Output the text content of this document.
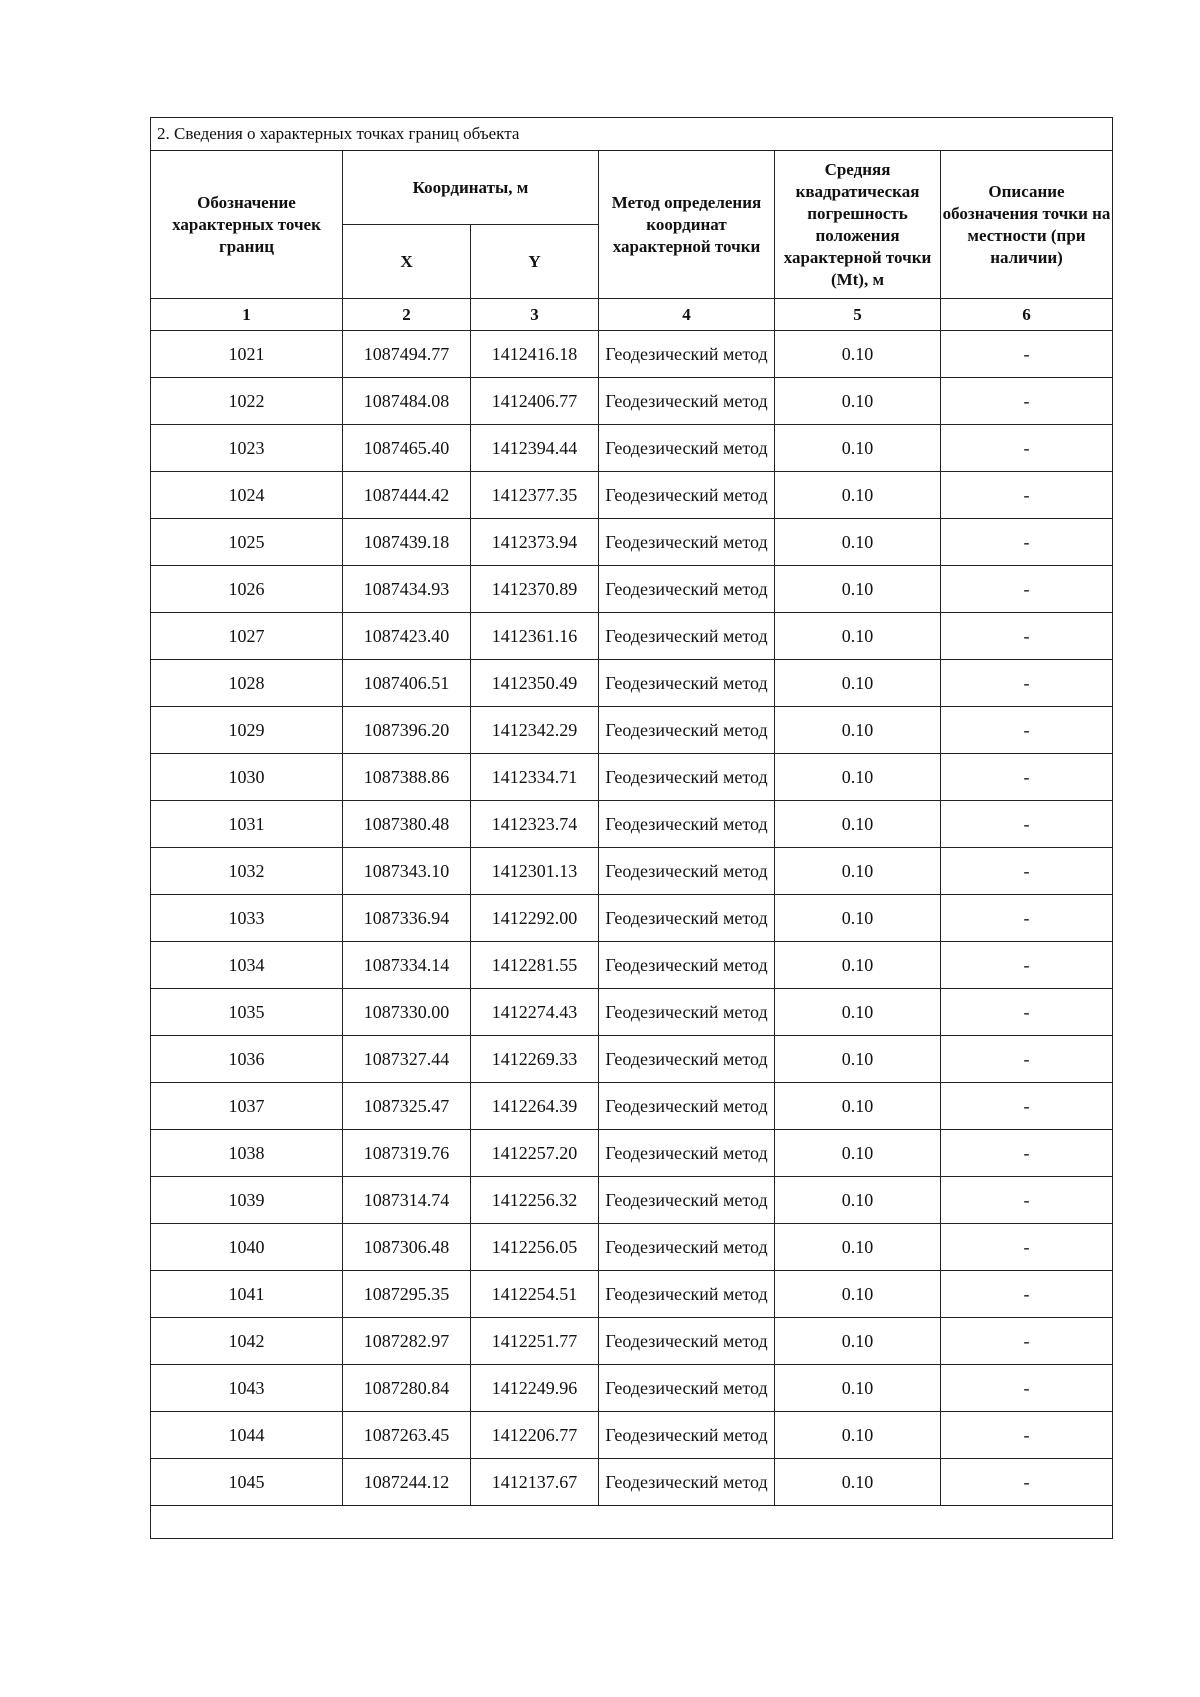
2. Сведения о характерных точках границ объекта					
Обозначение характерных точек границ	Координаты, м		Метод определения координат характерной точки	Средняя квадратическая погрешность положения характерной точки (Mt), м	Описание обозначения точки на местности (при наличии)
	X	Y			
1	2	3	4	5	6
1021	1087494.77	1412416.18	Геодезический метод	0.10	-
1022	1087484.08	1412406.77	Геодезический метод	0.10	-
1023	1087465.40	1412394.44	Геодезический метод	0.10	-
1024	1087444.42	1412377.35	Геодезический метод	0.10	-
1025	1087439.18	1412373.94	Геодезический метод	0.10	-
1026	1087434.93	1412370.89	Геодезический метод	0.10	-
1027	1087423.40	1412361.16	Геодезический метод	0.10	-
1028	1087406.51	1412350.49	Геодезический метод	0.10	-
1029	1087396.20	1412342.29	Геодезический метод	0.10	-
1030	1087388.86	1412334.71	Геодезический метод	0.10	-
1031	1087380.48	1412323.74	Геодезический метод	0.10	-
1032	1087343.10	1412301.13	Геодезический метод	0.10	-
1033	1087336.94	1412292.00	Геодезический метод	0.10	-
1034	1087334.14	1412281.55	Геодезический метод	0.10	-
1035	1087330.00	1412274.43	Геодезический метод	0.10	-
1036	1087327.44	1412269.33	Геодезический метод	0.10	-
1037	1087325.47	1412264.39	Геодезический метод	0.10	-
1038	1087319.76	1412257.20	Геодезический метод	0.10	-
1039	1087314.74	1412256.32	Геодезический метод	0.10	-
1040	1087306.48	1412256.05	Геодезический метод	0.10	-
1041	1087295.35	1412254.51	Геодезический метод	0.10	-
1042	1087282.97	1412251.77	Геодезический метод	0.10	-
1043	1087280.84	1412249.96	Геодезический метод	0.10	-
1044	1087263.45	1412206.77	Геодезический метод	0.10	-
1045	1087244.12	1412137.67	Геодезический метод	0.10	-
